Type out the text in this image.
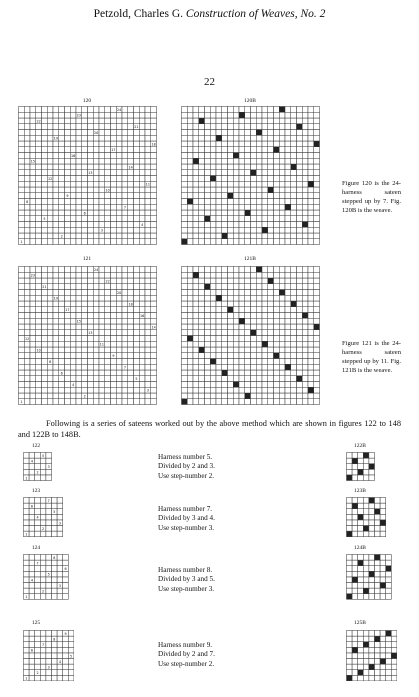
Petzold, Charles G. Construction of Weaves, No. 2
22
120	120B
1
2
3
4
5
6
7
8
9
10
11
12
13
14
15
16
17
18
19
20
21
22
23
24
Figure 120 is the 24-harness sateen stepped up by 7. Fig. 120B is the weave.
121	121B
1
2
3
4
5
6
7
8
9
10
11
12
13
14
15
16
17
18
19
20
21
22
23
24
Figure 121 is the 24-harness sateen stepped up by 11. Fig. 121B is the weave.
Following is a series of sateens worked out by the above method which are shown in figures 122 to 148 and 122B to 148B.
122	122B
1
2
3
4
5	Harness number 5.
Divided by 2 and 3.
Use step-number 2.
123	123B
1
2
3
4
5
6
7
Harness number 7.
Divided by 3 and 4.
Use step-number 3.
124	124B
1
2
3
4
5
6
7
8
Harness number 8.
Divided by 3 and 5.
Use step-number 3.
125	125B
1
2
3
4
5
6
7
8
9
Harness number 9.
Divided by 2 and 7.
Use step-number 2.
